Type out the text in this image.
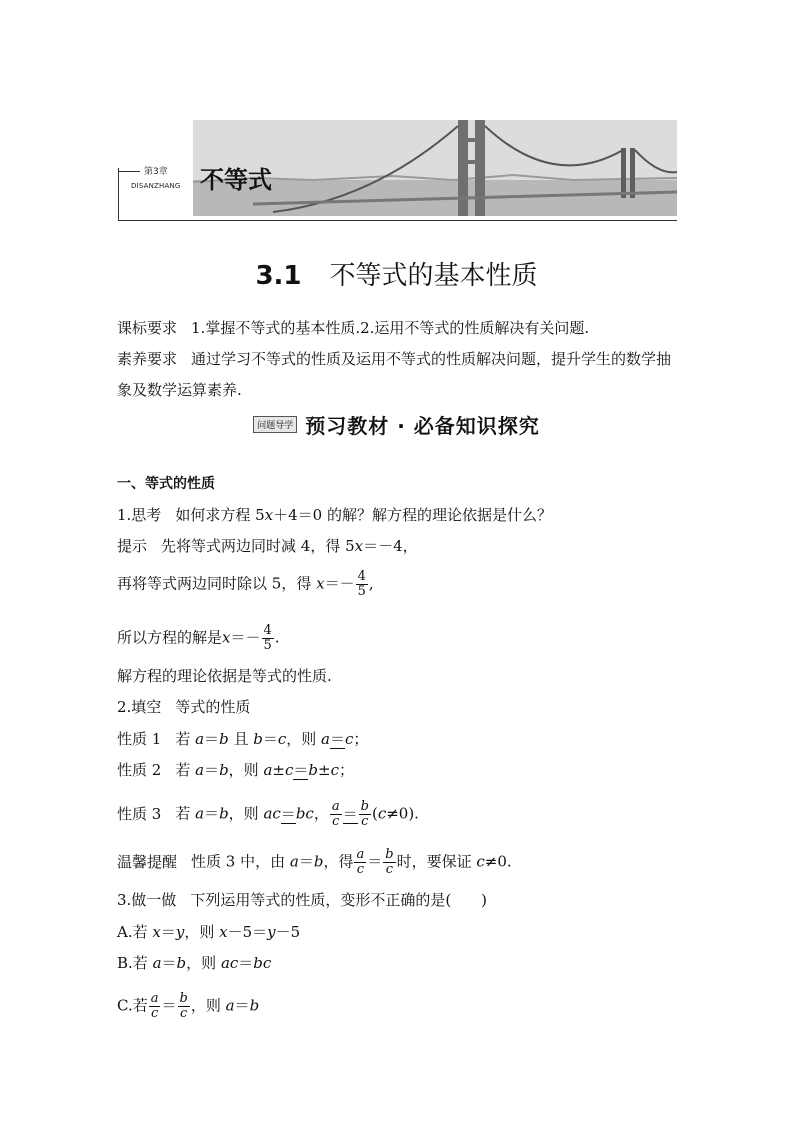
第3章
DISANZHANG 不等式
3.1 不等式的基本性质
课标要求 1.掌握不等式的基本性质.2.运用不等式的性质解决有关问题.
素养要求 通过学习不等式的性质及运用不等式的性质解决问题，提升学生的数学抽象及数学运算素养.
问题导学 预习教材 · 必备知识探究
一、等式的性质
1.思考 如何求方程 5x＋4＝0 的解？解方程的理论依据是什么？
提示 先将等式两边同时减 4，得 5x＝－4，
再将等式两边同时除以 5，得 $x=- \frac{4}{5}$ ,
所以方程的解是$x=- \frac{4}{5}$ .
解方程的理论依据是等式的性质.
2.填空 等式的性质
性质 1 若 a＝b 且 b＝c，则 a＝c；
性质 2 若 a＝b，则 a±c＝b±c；
性质 3 若 a＝b，则 ac＝bc， $\frac{a}{c} = \frac{b}{c} (c\ne 0)$.
温馨提醒 性质 3 中，由 a＝b，得 $\frac{a}{c} = \frac{b}{c}$ 时，要保证 c≠0.
3.做一做 下列运用等式的性质，变形不正确的是( )
A.若 x＝y，则 x－5＝y－5
B.若 a＝b，则 ac＝bc
C.若 $\frac{a}{c} = \frac{b}{c}$ ，则 a＝b
